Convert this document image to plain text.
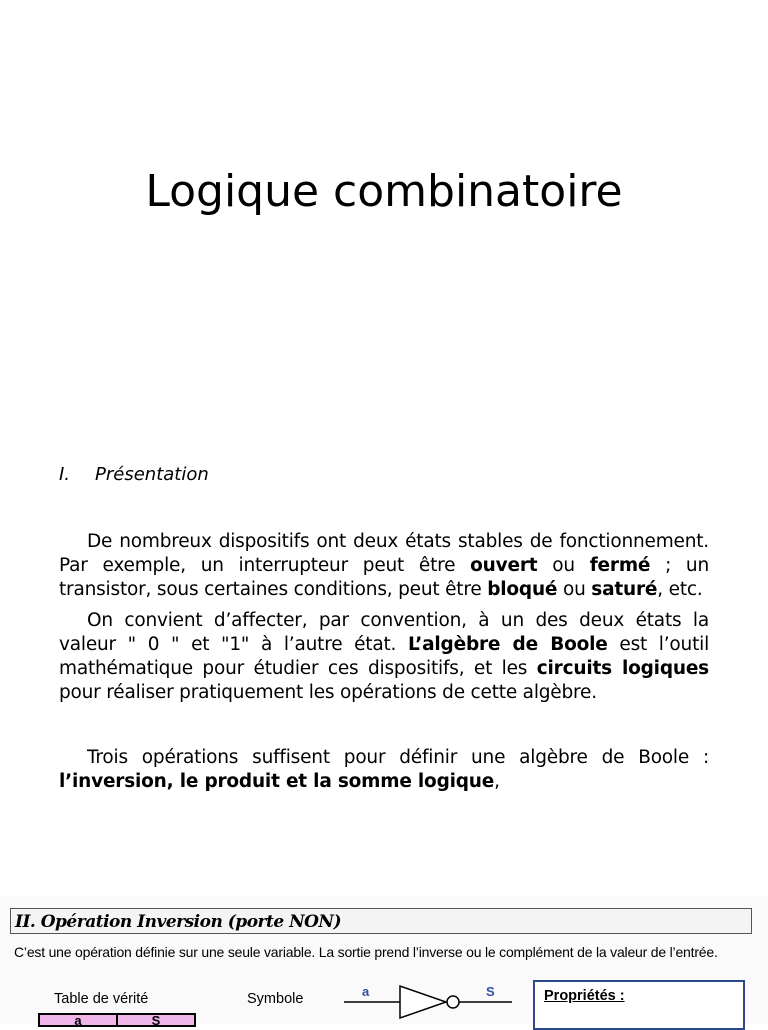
Logique combinatoire
I. Présentation
De nombreux dispositifs ont deux états stables de fonctionnement. Par exemple, un interrupteur peut être ouvert ou fermé ; un transistor, sous certaines conditions, peut être bloqué ou saturé, etc.
On convient d’affecter, par convention, à un des deux états la valeur " 0 " et "1" à l’autre état. L’algèbre de Boole est l’outil mathématique pour étudier ces dispositifs, et les circuits logiques pour réaliser pratiquement les opérations de cette algèbre.
Trois opérations suffisent pour définir une algèbre de Boole : l’inversion, le produit et la somme logique,
II. Opération Inversion (porte NON)
C’est une opération définie sur une seule variable. La sortie prend l’inverse ou le complément de la valeur de l’entrée.
Table de vérité	Symbole
a	S
a	S	Propriétés :
